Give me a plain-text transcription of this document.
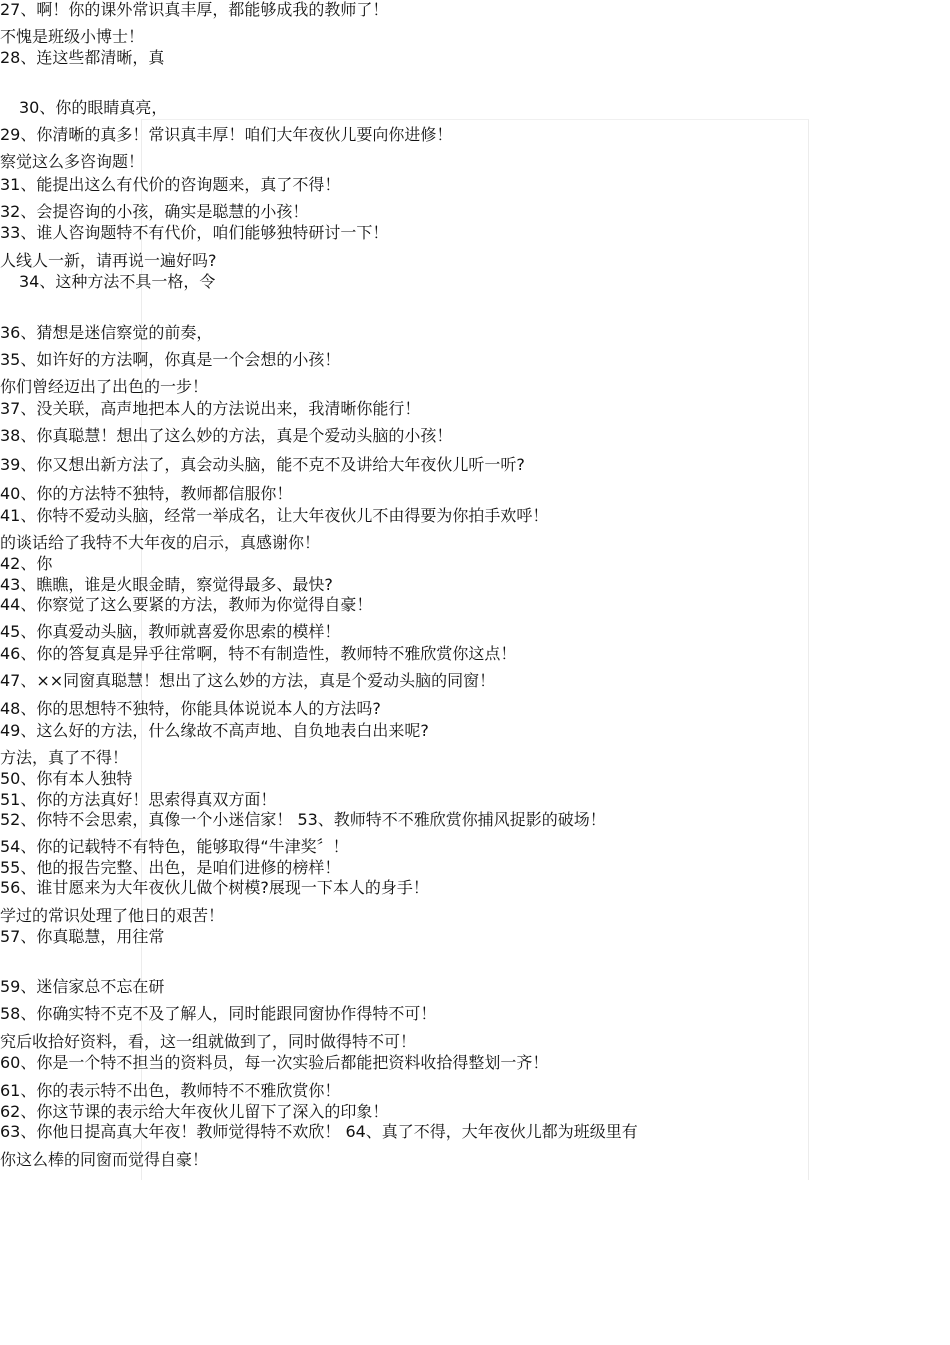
27、啊！你的课外常识真丰厚，都能够成我的教师了！
不愧是班级小博士！
28、连这些都清晰，真
30、你的眼睛真亮，
29、你清晰的真多！常识真丰厚！咱们大年夜伙儿要向你进修！
察觉这么多咨询题！
31、能提出这么有代价的咨询题来，真了不得！
32、会提咨询的小孩，确实是聪慧的小孩！
33、谁人咨询题特不有代价，咱们能够独特研讨一下！
人线人一新，请再说一遍好吗?
34、这种方法不具一格，令
36、猜想是迷信察觉的前奏，
35、如许好的方法啊，你真是一个会想的小孩！
你们曾经迈出了出色的一步！
37、没关联，高声地把本人的方法说出来，我清晰你能行！
38、你真聪慧！想出了这么妙的方法，真是个爱动头脑的小孩！
39、你又想出新方法了，真会动头脑，能不克不及讲给大年夜伙儿听一听?
40、你的方法特不独特，教师都信服你！
41、你特不爱动头脑，经常一举成名，让大年夜伙儿不由得要为你拍手欢呼！
的谈话给了我特不大年夜的启示，真感谢你！
42、你
43、瞧瞧，谁是火眼金睛，察觉得最多、最快?
44、你察觉了这么要紧的方法，教师为你觉得自豪！
45、你真爱动头脑，教师就喜爱你思索的模样！
46、你的答复真是异乎往常啊，特不有制造性，教师特不雅欣赏你这点！
47、××同窗真聪慧！想出了这么妙的方法，真是个爱动头脑的同窗！
48、你的思想特不独特，你能具体说说本人的方法吗?
49、这么好的方法，什么缘故不高声地、自负地表白出来呢?
方法，真了不得！
50、你有本人独特
51、你的方法真好！思索得真双方面！
52、你特不会思索，真像一个小迷信家！ 53、教师特不不雅欣赏你捕风捉影的破场！
54、你的记载特不有特色，能够取得“牛津奖〞！
55、他的报告完整、出色，是咱们进修的榜样！
56、谁甘愿来为大年夜伙儿做个树模?展现一下本人的身手！
学过的常识处理了他日的艰苦！
57、你真聪慧，用往常
59、迷信家总不忘在研
58、你确实特不克不及了解人，同时能跟同窗协作得特不可！
究后收拾好资料，看，这一组就做到了，同时做得特不可！
60、你是一个特不担当的资料员，每一次实验后都能把资料收拾得整划一齐！
61、你的表示特不出色，教师特不不雅欣赏你！
62、你这节课的表示给大年夜伙儿留下了深入的印象！
63、你他日提高真大年夜！教师觉得特不欢欣！ 64、真了不得，大年夜伙儿都为班级里有
你这么棒的同窗而觉得自豪！
